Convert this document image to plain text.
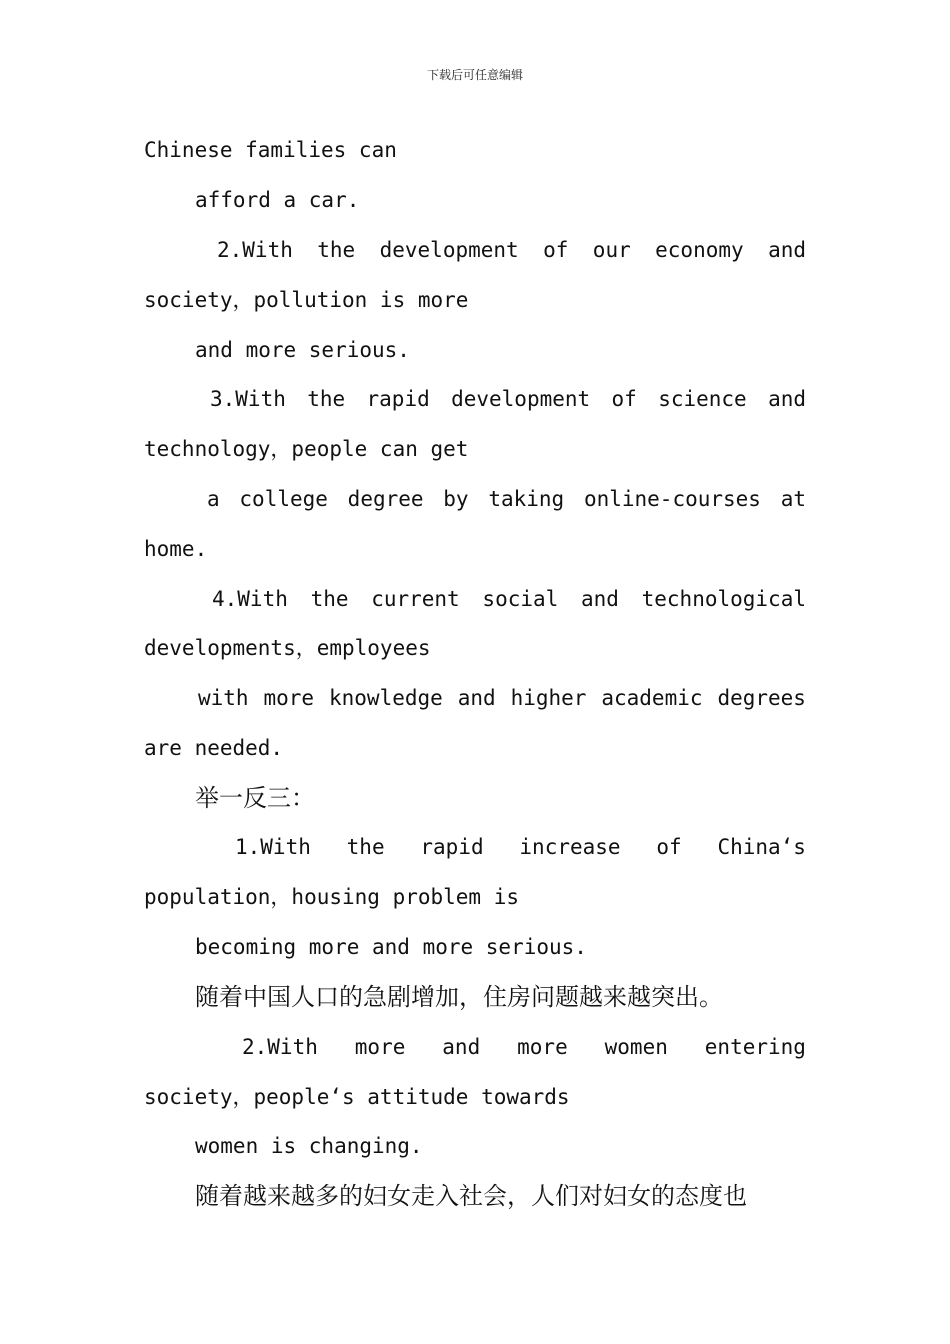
下载后可任意编辑
Chinese families can
afford a car.
2.With the development of our economy and
society，pollution is more
and more serious.
3.With the rapid development of science and
technology，people can get
a college degree by taking online-courses at
home.
4.With the current social and technological
developments，employees
with more knowledge and higher academic degrees
are needed.
举一反三：
1.With the rapid increase of China‘s
population，housing problem is
becoming more and more serious.
随着中国人口的急剧增加，住房问题越来越突出。
2.With more and more women entering
society，people‘s attitude towards
women is changing.
随着越来越多的妇女走入社会，人们对妇女的态度也
